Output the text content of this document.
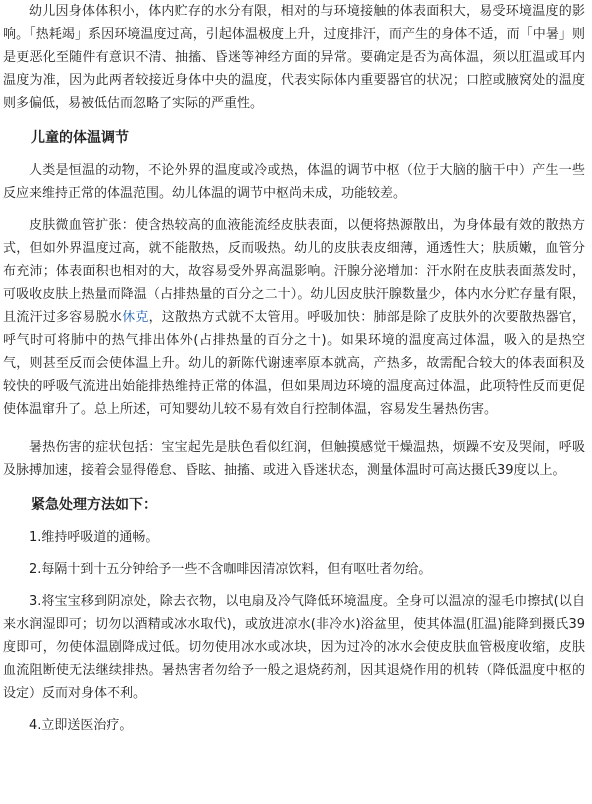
幼儿因身体体积小，体内贮存的水分有限，相对的与环境接触的体表面积大，易受环境温度的影响。「热耗竭」系因环境温度过高，引起体温极度上升，过度排汗，而产生的身体不适，而「中暑」则是更恶化至随件有意识不清、抽搐、昏迷等神经方面的异常。要确定是否为高体温，须以肛温或耳内温度为准，因为此两者较接近身体中央的温度，代表实际体内重要器官的状况；口腔或腋窝处的温度则多偏低，易被低估而忽略了实际的严重性。

儿童的体温调节

人类是恒温的动物，不论外界的温度或冷或热，体温的调节中枢（位于大脑的脑干中）产生一些反应来维持正常的体温范围。幼儿体温的调节中枢尚未成，功能较差。

皮肤微血管扩张：使含热较高的血液能流经皮肤表面，以便将热源散出，为身体最有效的散热方式，但如外界温度过高，就不能散热，反而吸热。幼儿的皮肤表皮细薄，通透性大；肤质嫩，血管分布充沛；体表面积也相对的大，故容易受外界高温影响。汗腺分泌增加：汗水附在皮肤表面蒸发时，可吸收皮肤上热量而降温（占排热量的百分之二十）。幼儿因皮肤汗腺数量少，体内水分贮存量有限，且流汗过多容易脱水休克，这散热方式就不太管用。呼吸加快：肺部是除了皮肤外的次要散热器官，呼气时可将肺中的热气排出体外(占排热量的百分之十)。如果环境的温度高过体温，吸入的是热空气，则甚至反而会使体温上升。幼儿的新陈代谢速率原本就高，产热多，故需配合较大的体表面积及较快的呼吸气流进出始能排热维持正常的体温，但如果周边环境的温度高过体温，此项特性反而更促使体温窜升了。总上所述，可知婴幼儿较不易有效自行控制体温，容易发生暑热伤害。

暑热伤害的症状包括：宝宝起先是肤色看似红润，但触摸感觉干燥温热，烦躁不安及哭闹，呼吸及脉搏加速，接着会显得倦怠、昏眩、抽搐、或进入昏迷状态，测量体温时可高达摄氏39度以上。

紧急处理方法如下：

1.维持呼吸道的通畅。

2.每隔十到十五分钟给予一些不含咖啡因清凉饮料，但有呕吐者勿给。

3.将宝宝移到阴凉处，除去衣物，以电扇及冷气降低环境温度。全身可以温凉的湿毛巾擦拭(以自来水润湿即可；切勿以酒精或冰水取代)，或放进凉水(非冷水)浴盆里，使其体温(肛温)能降到摄氏39度即可，勿使体温剧降成过低。切勿使用冰水或冰块，因为过冷的冰水会使皮肤血管极度收缩，皮肤血流阻断使无法继续排热。暑热害者勿给予一般之退烧药剂，因其退烧作用的机转（降低温度中枢的设定）反而对身体不利。

4.立即送医治疗。
